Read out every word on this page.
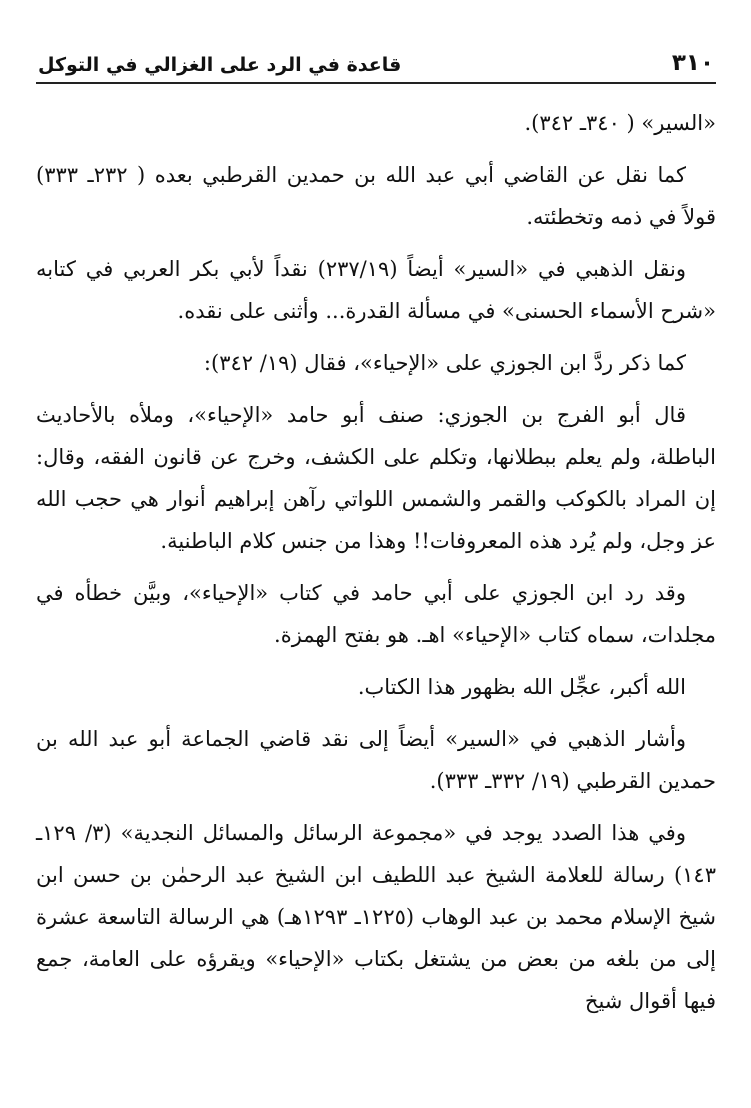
٣١٠
قاعدة في الرد على الغزالي في التوكل

«السير» ( ٣٤٠ـ ٣٤٢).

كما نقل عن القاضي أبي عبد الله بن حمدين القرطبي بعده ( ٢٣٢ـ ٣٣٣) قولاً في ذمه وتخطئته.

ونقل الذهبي في «السير» أيضاً (٢٣٧/١٩) نقداً لأبي بكر العربي في كتابه «شرح الأسماء الحسنى» في مسألة القدرة... وأثنى على نقده.

كما ذكر ردَّ ابن الجوزي على «الإحياء»، فقال (١٩/ ٣٤٢):

قال أبو الفرج بن الجوزي: صنف أبو حامد «الإحياء»، وملأه بالأحاديث الباطلة، ولم يعلم ببطلانها، وتكلم على الكشف، وخرج عن قانون الفقه، وقال: إن المراد بالكوكب والقمر والشمس اللواتي رآهن إبراهيم أنوار هي حجب الله عز وجل، ولم يُرد هذه المعروفات!! وهذا من جنس كلام الباطنية.

وقد رد ابن الجوزي على أبي حامد في كتاب «الإحياء»، وبيَّن خطأه في مجلدات، سماه كتاب «الإحياء» اهـ. هو بفتح الهمزة.

الله أكبر، عجِّل الله بظهور هذا الكتاب.

وأشار الذهبي في «السير» أيضاً إلى نقد قاضي الجماعة أبو عبد الله بن حمدين القرطبي (١٩/ ٣٣٢ـ ٣٣٣).

وفي هذا الصدد يوجد في «مجموعة الرسائل والمسائل النجدية» (٣/ ١٢٩ـ ١٤٣) رسالة للعلامة الشيخ عبد اللطيف ابن الشيخ عبد الرحمٰن بن حسن ابن شيخ الإسلام محمد بن عبد الوهاب (١٢٢٥ـ ١٢٩٣هـ) هي الرسالة التاسعة عشرة إلى من بلغه من بعض من يشتغل بكتاب «الإحياء» ويقرؤه على العامة، جمع فيها أقوال شيخ
